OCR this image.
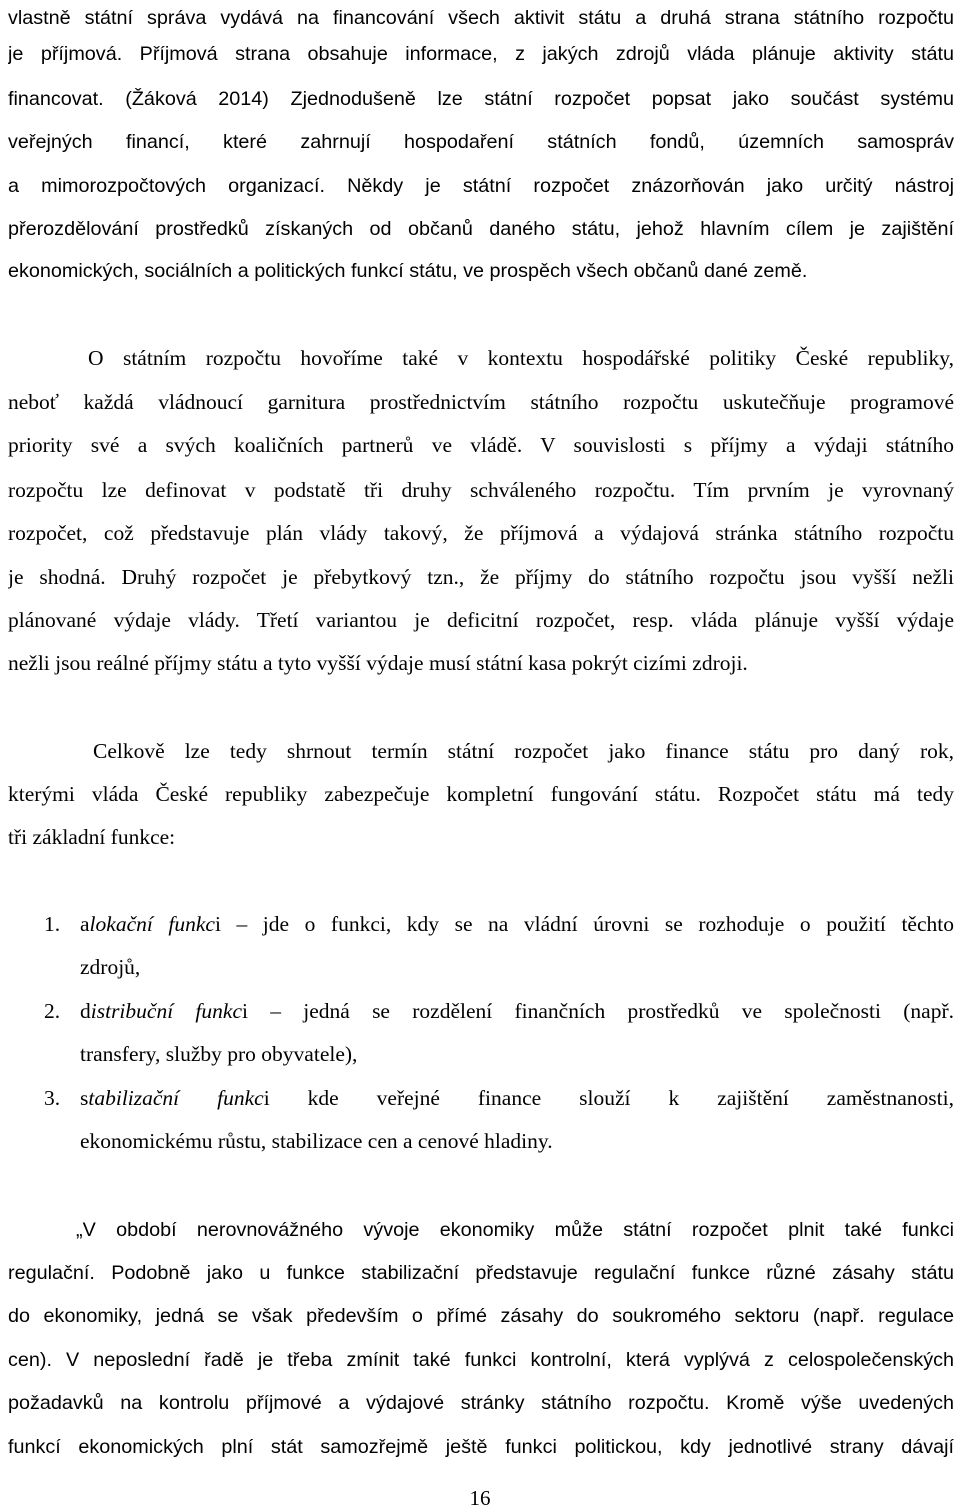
vlastně státní správa vydává na financování všech aktivit státu a druhá strana státního rozpočtu
je příjmová. Příjmová strana obsahuje informace, z jakých zdrojů vláda plánuje aktivity státu
financovat. (Žáková 2014) Zjednodušeně lze státní rozpočet popsat jako součást systému
veřejných financí, které zahrnují hospodaření státních fondů, územních samospráv
a mimorozpočtových organizací. Někdy je státní rozpočet znázorňován jako určitý nástroj
přerozdělování prostředků získaných od občanů daného státu, jehož hlavním cílem je zajištění
ekonomických, sociálních a politických funkcí státu, ve prospěch všech občanů dané země.
O státním rozpočtu hovoříme také v kontextu hospodářské politiky České republiky,
neboť každá vládnoucí garnitura prostřednictvím státního rozpočtu uskutečňuje programové
priority své a svých koaličních partnerů ve vládě. V souvislosti s příjmy a výdaji státního
rozpočtu lze definovat v podstatě tři druhy schváleného rozpočtu. Tím prvním je vyrovnaný
rozpočet, což představuje plán vlády takový, že příjmová a výdajová stránka státního rozpočtu
je shodná. Druhý rozpočet je přebytkový tzn., že příjmy do státního rozpočtu jsou vyšší nežli
plánované výdaje vlády. Třetí variantou je deficitní rozpočet, resp. vláda plánuje vyšší výdaje
nežli jsou reálné příjmy státu a tyto vyšší výdaje musí státní kasa pokrýt cizími zdroji.
Celkově lze tedy shrnout termín státní rozpočet jako finance státu pro daný rok,
kterými vláda České republiky zabezpečuje kompletní fungování státu. Rozpočet státu má tedy
tři základní funkce:
1. alokační funkci – jde o funkci, kdy se na vládní úrovni se rozhoduje o použití těchto
zdrojů,
2. distribuční funkci – jedná se rozdělení finančních prostředků ve společnosti (např.
transfery, služby pro obyvatele),
3. stabilizační funkci kde veřejné finance slouží k zajištění zaměstnanosti,
ekonomickému růstu, stabilizace cen a cenové hladiny.
„V období nerovnovážného vývoje ekonomiky může státní rozpočet plnit také funkci
regulační. Podobně jako u funkce stabilizační představuje regulační funkce různé zásahy státu
do ekonomiky, jedná se však především o přímé zásahy do soukromého sektoru (např. regulace
cen). V neposlední řadě je třeba zmínit také funkci kontrolní, která vyplývá z celospolečenských
požadavků na kontrolu příjmové a výdajové stránky státního rozpočtu. Kromě výše uvedených
funkcí ekonomických plní stát samozřejmě ještě funkci politickou, kdy jednotlivé strany dávají
16
